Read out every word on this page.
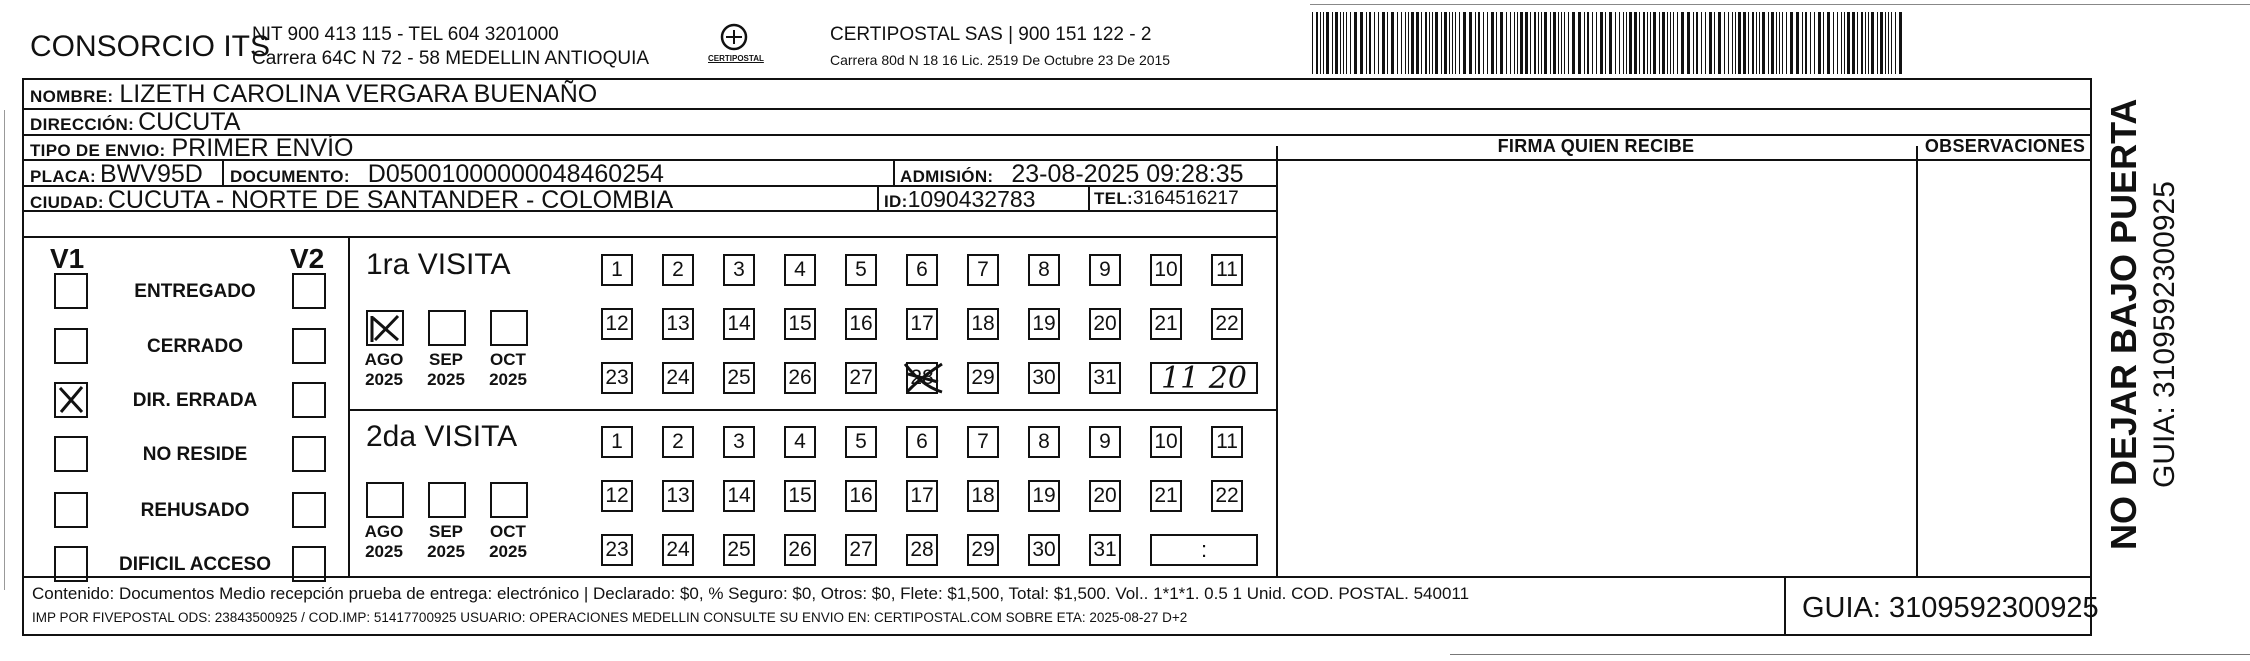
CONSORCIO ITS
NIT 900 413 115 - TEL 604 3201000
Carrera 64C N 72 - 58 MEDELLIN ANTIOQUIA	CERTIPOSTAL
CERTIPOSTAL SAS | 900 151 122 - 2
Carrera 80d N 18 16 Lic. 2519 De Octubre 23 De 2015
NOMBRE: LIZETH CAROLINA VERGARA BUENAÑO
DIRECCIÓN: CUCUTA
TIPO DE ENVIO: PRIMER ENVÍO
PLACA: BWV95D DOCUMENTO: D05001000000048460254	ADMISIÓN: 23-08-2025 09:28:35
CIUDAD: CUCUTA - NORTE DE SANTANDER - COLOMBIA	ID: 1090432783	TEL: 3164516217
FIRMA QUIEN RECIBE	OBSERVACIONES
V1	V2
ENTREGADO
CERRADO
DIR. ERRADA
NO RESIDE
REHUSADO
DIFICIL ACCESO
1ra VISITA
AGO
2025
SEP
2025
OCT
2025
1	2	3	4	5	6	7	8	9	10 11
12 13 14 15 16 17 18 19 20 21 22
23 24 25 26 27 28 29 30 31	11 20
2da VISITA
AGO
2025
SEP
2025
OCT
2025
1	2	3	4	5	6	7	8	9	10 11
12 13 14 15 16 17 18 19 20 21 22
23 24 25 26 27 28 29 30 31	:
Contenido: Documentos Medio recepción prueba de entrega: electrónico | Declarado: $0, % Seguro: $0, Otros: $0, Flete: $1,500, Total: $1,500. Vol.. 1*1*1. 0.5 1 Unid. COD. POSTAL. 540011
IMP POR FIVEPOSTAL ODS: 23843500925 / COD.IMP: 51417700925 USUARIO: OPERACIONES MEDELLIN CONSULTE SU ENVIO EN: CERTIPOSTAL.COM SOBRE ETA: 2025-08-27 D+2	GUIA: 3109592300925
NO DEJAR BAJO PUERTA GUIA: 3109592300925
